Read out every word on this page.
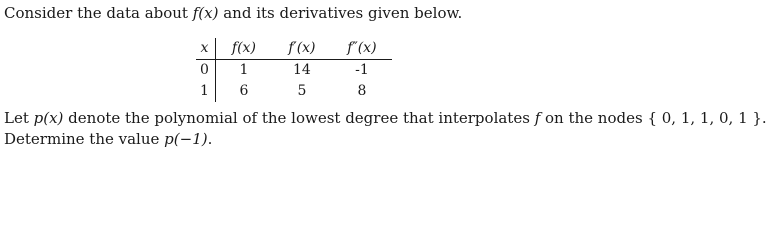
Consider the data about f(x) and its derivatives given below.
x	f(x)	f′(x)	f″(x)
0	1	14	-1
1	6	5	8
Let p(x) denote the polynomial of the lowest degree that interpolates f on the nodes { 0, 1, 1, 0, 1 }.
Determine the value p(−1).
